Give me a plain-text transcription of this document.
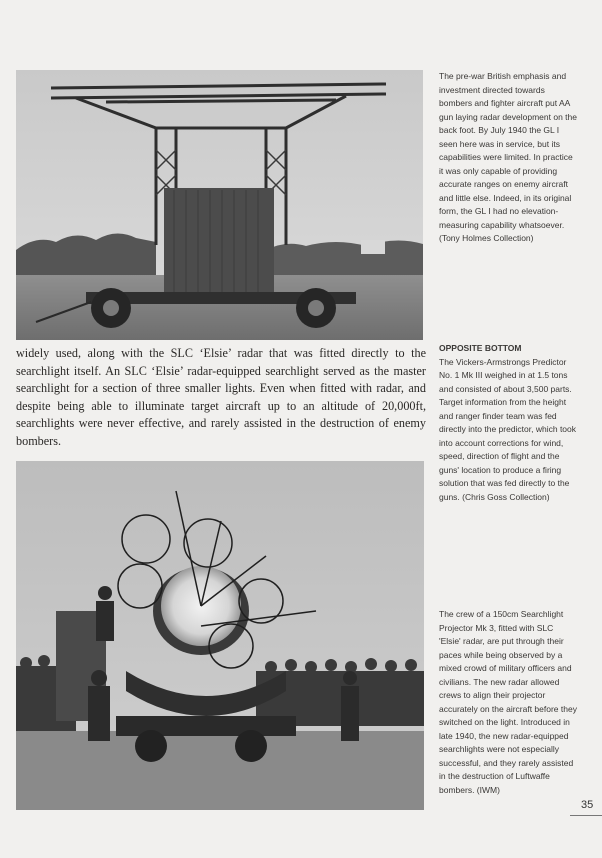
The pre-war British emphasis and investment directed towards bombers and fighter aircraft put AA gun laying radar development on the back foot. By July 1940 the GL I seen here was in service, but its capabilities were limited. In practice it was only capable of providing accurate ranges on enemy aircraft and little else. Indeed, in its original form, the GL I had no elevation-measuring capability whatsoever. (Tony Holmes Collection)
OPPOSITE BOTTOM
The Vickers-Armstrongs Predictor No. 1 Mk III weighed in at 1.5 tons and consisted of about 3,500 parts. Target information from the height and ranger finder team was fed directly into the predictor, which took into account corrections for wind, speed, direction of flight and the guns' location to produce a firing solution that was fed directly to the guns. (Chris Goss Collection)
widely used, along with the SLC ‘Elsie’ radar that was fitted directly to the searchlight itself. An SLC ‘Elsie’ radar-equipped searchlight served as the master searchlight for a section of three smaller lights. Even when fitted with radar, and despite being able to illuminate target aircraft up to an altitude of 20,000ft, searchlights were never effective, and rarely assisted in the destruction of enemy bombers.
The crew of a 150cm Searchlight Projector Mk 3, fitted with SLC 'Elsie' radar, are put through their paces while being observed by a mixed crowd of military officers and civilians. The new radar allowed crews to align their projector accurately on the aircraft before they switched on the light. Introduced in late 1940, the new radar-equipped searchlights were not especially successful, and they rarely assisted in the destruction of Luftwaffe bombers. (IWM)
35
